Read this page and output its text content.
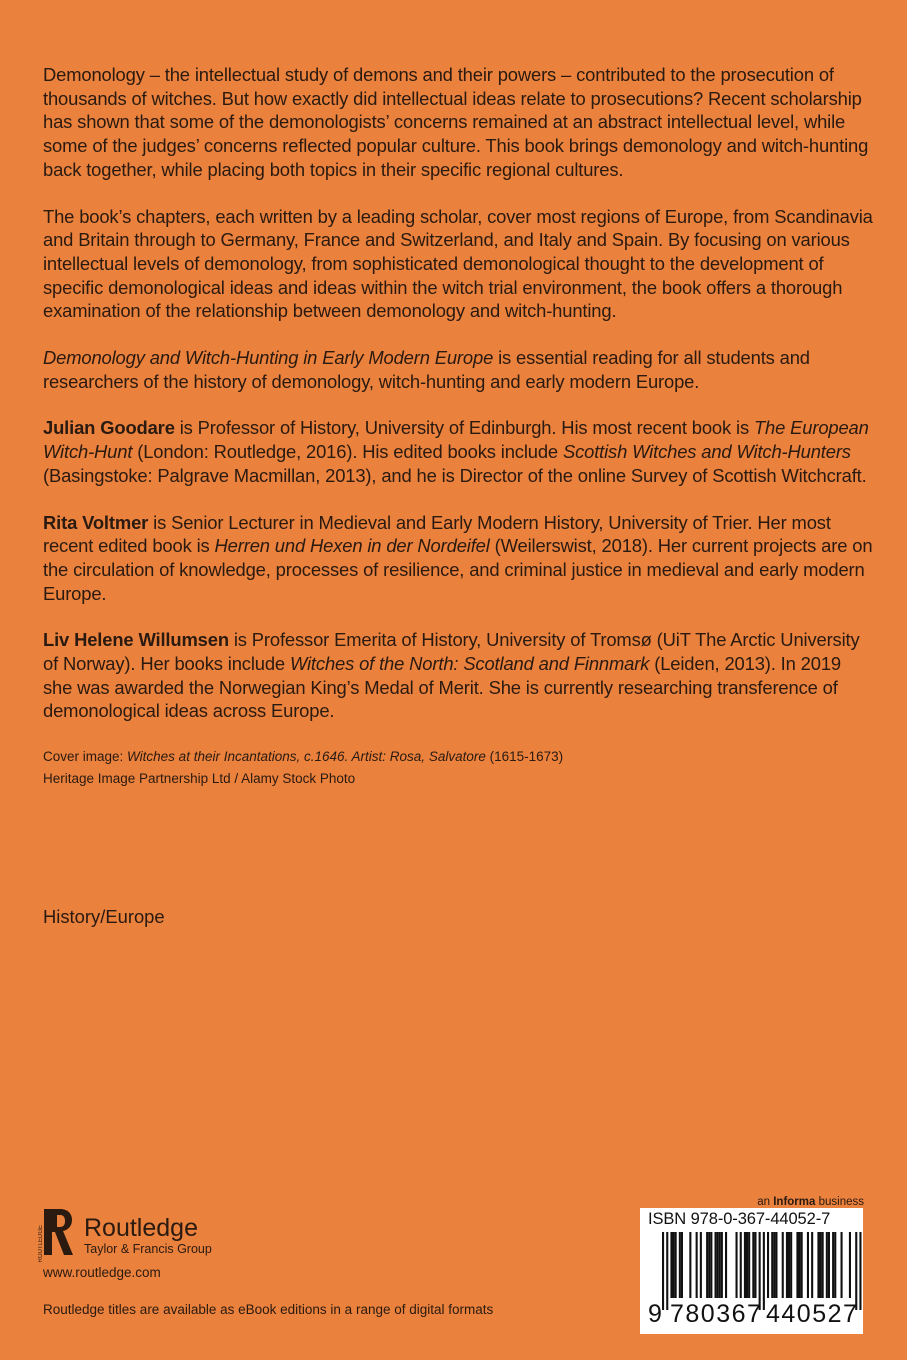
Demonology – the intellectual study of demons and their powers – contributed to the prosecution of thousands of witches. But how exactly did intellectual ideas relate to prosecutions? Recent scholarship has shown that some of the demonologists’ concerns remained at an abstract intellectual level, while some of the judges’ concerns reflected popular culture. This book brings demonology and witch-hunting back together, while placing both topics in their specific regional cultures.

The book’s chapters, each written by a leading scholar, cover most regions of Europe, from Scandinavia and Britain through to Germany, France and Switzerland, and Italy and Spain. By focusing on various intellectual levels of demonology, from sophisticated demonological thought to the development of specific demonological ideas and ideas within the witch trial environment, the book offers a thorough examination of the relationship between demonology and witch-hunting.

Demonology and Witch-Hunting in Early Modern Europe is essential reading for all students and researchers of the history of demonology, witch-hunting and early modern Europe.

Julian Goodare is Professor of History, University of Edinburgh. His most recent book is The European Witch-Hunt (London: Routledge, 2016). His edited books include Scottish Witches and Witch-Hunters (Basingstoke: Palgrave Macmillan, 2013), and he is Director of the online Survey of Scottish Witchcraft.

Rita Voltmer is Senior Lecturer in Medieval and Early Modern History, University of Trier. Her most recent edited book is Herren und Hexen in der Nordeifel (Weilerswist, 2018). Her current projects are on the circulation of knowledge, processes of resilience, and criminal justice in medieval and early modern Europe.

Liv Helene Willumsen is Professor Emerita of History, University of Tromsø (UiT The Arctic University of Norway). Her books include Witches of the North: Scotland and Finnmark (Leiden, 2013). In 2019 she was awarded the Norwegian King’s Medal of Merit. She is currently researching transference of demonological ideas across Europe.

Cover image: Witches at their Incantations, c.1646. Artist: Rosa, Salvatore (1615-1673)

Heritage Image Partnership Ltd / Alamy Stock Photo

History/Europe
ROUTLEDGE Routledge
Taylor & Francis Group
www.routledge.com
Routledge titles are available as eBook editions in a range of digital formats
an Informa business
ISBN 978-0-367-44052-7
9 780367 440527
